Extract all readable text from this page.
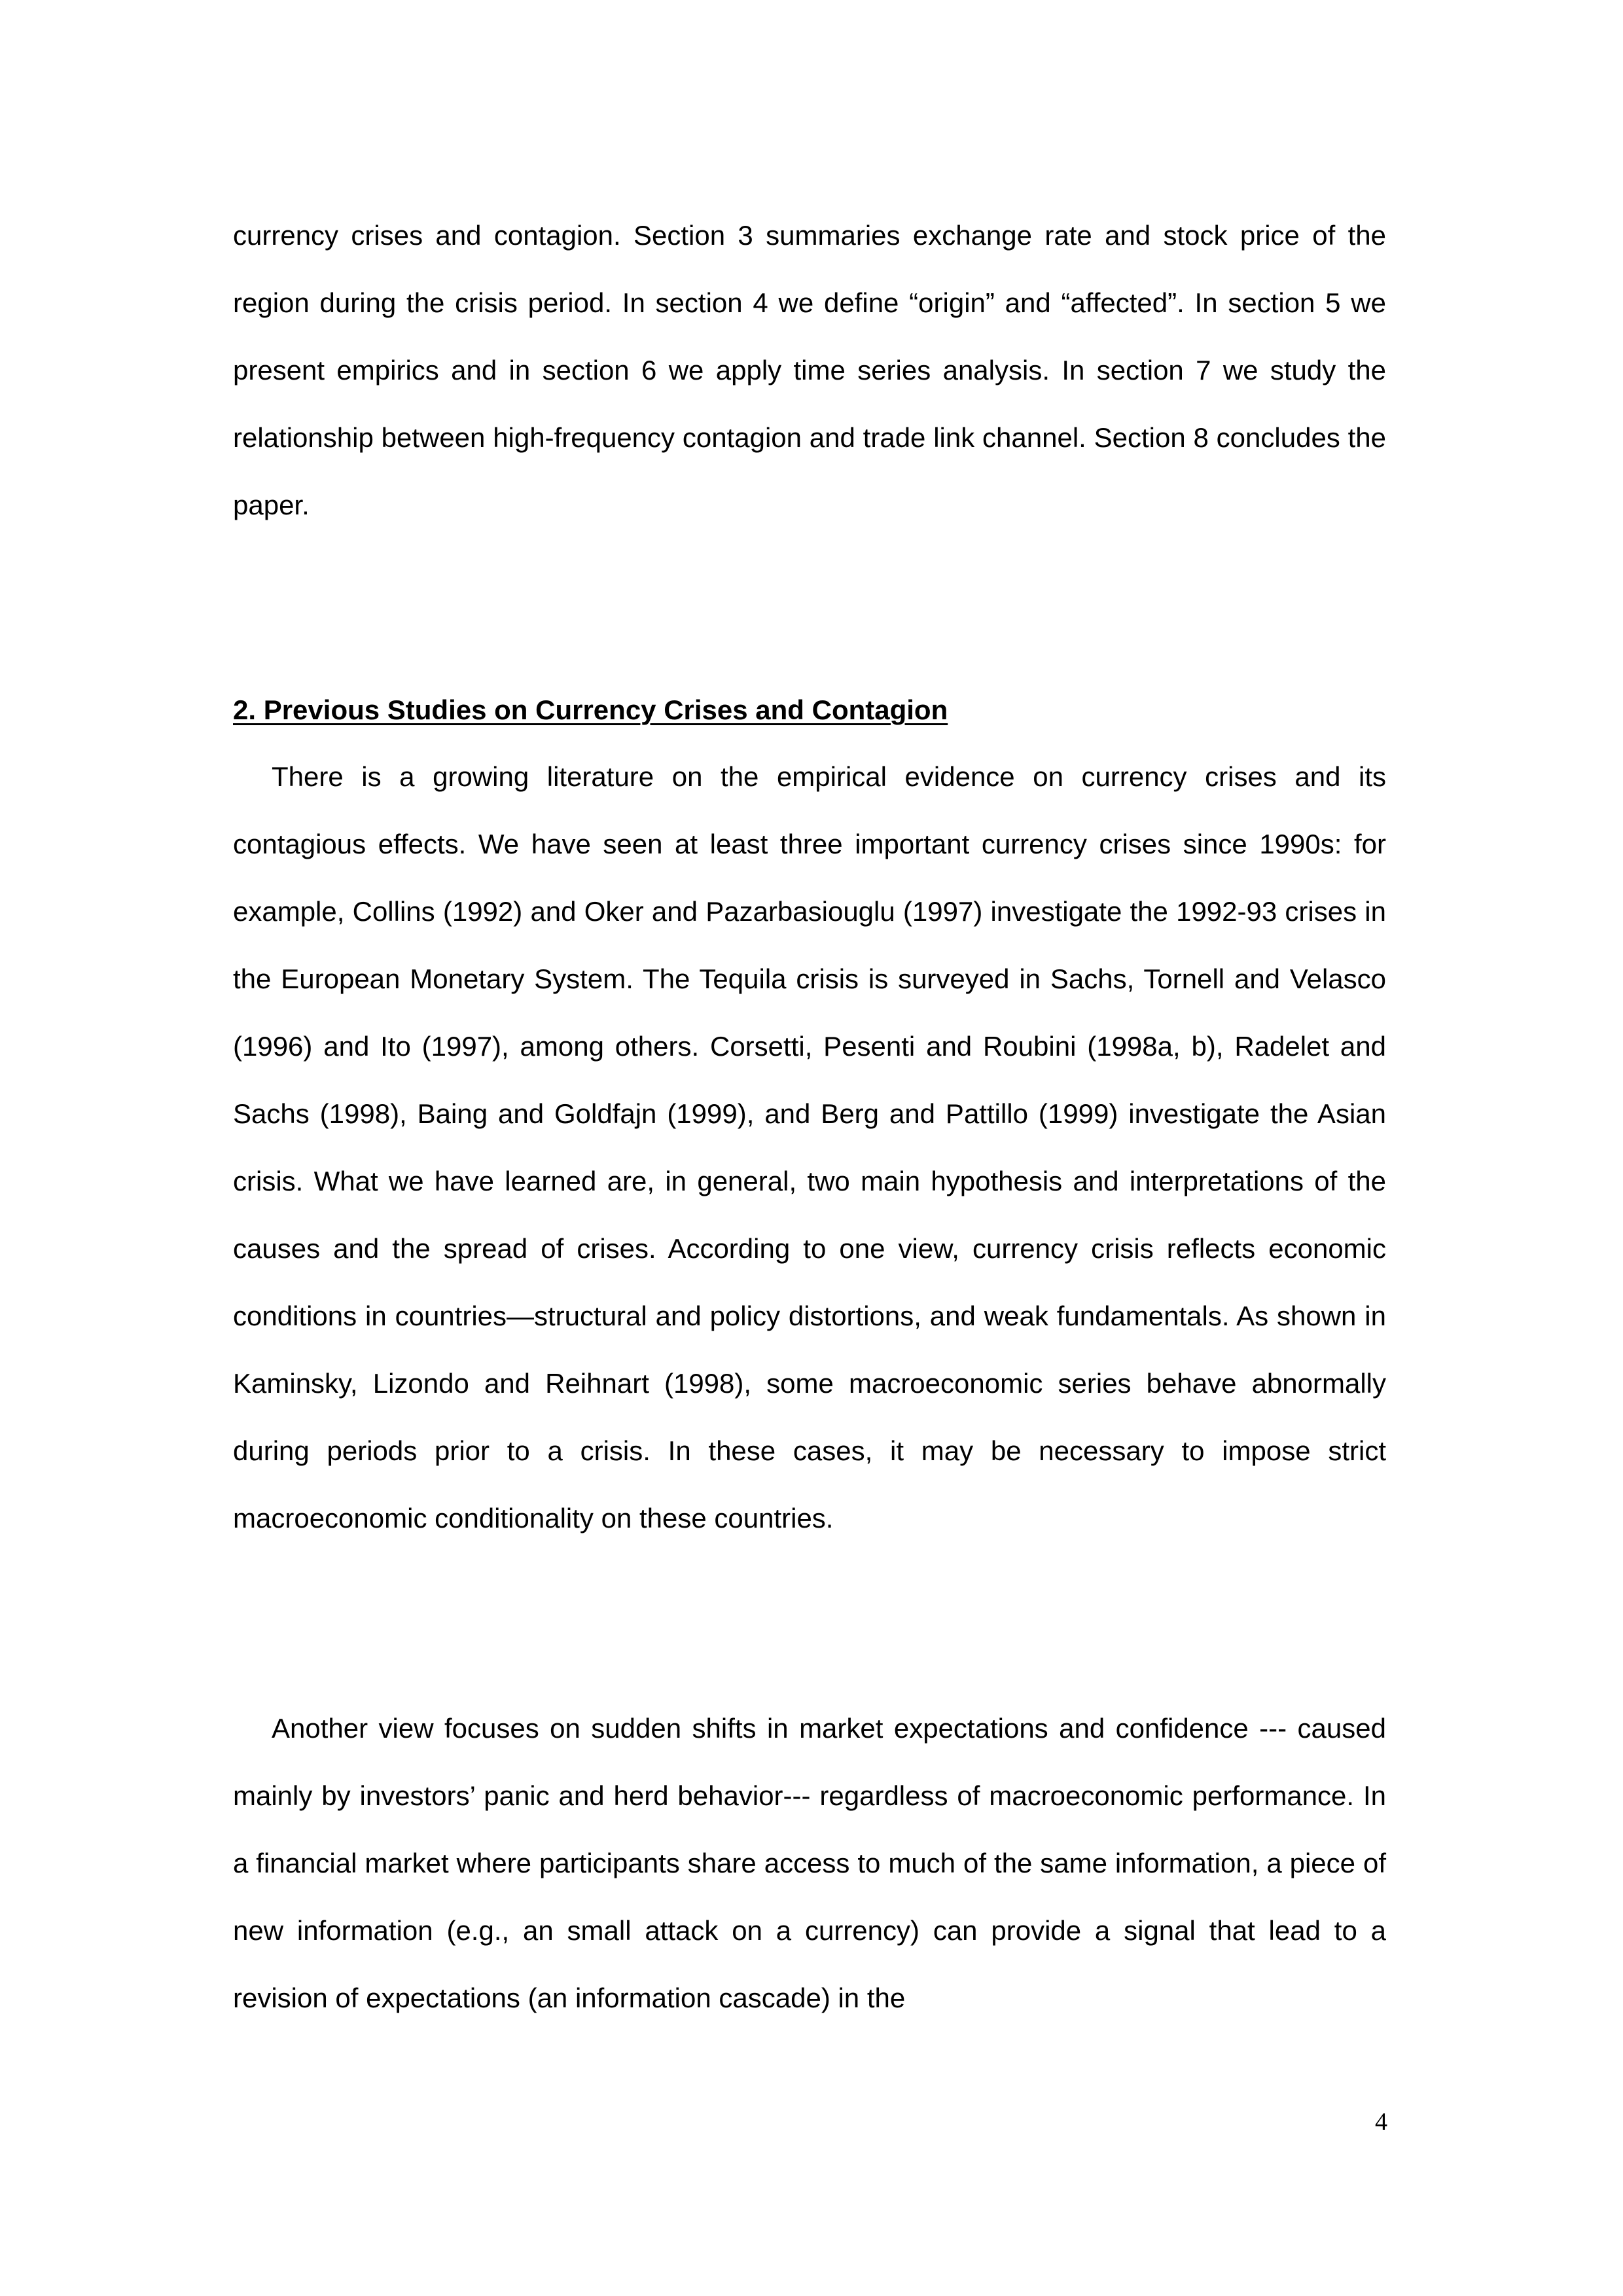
currency crises and contagion. Section 3 summaries exchange rate and stock price of the region during the crisis period. In section 4 we define “origin” and “affected”. In section 5 we present empirics and in section 6 we apply time series analysis. In section 7 we study the relationship between high-frequency contagion and trade link channel. Section 8 concludes the paper.

2. Previous Studies on Currency Crises and Contagion

There is a growing literature on the empirical evidence on currency crises and its contagious effects. We have seen at least three important currency crises since 1990s: for example, Collins (1992) and Oker and Pazarbasiouglu (1997) investigate the 1992-93 crises in the European Monetary System. The Tequila crisis is surveyed in Sachs, Tornell and Velasco (1996) and Ito (1997), among others. Corsetti, Pesenti and Roubini (1998a, b), Radelet and Sachs (1998), Baing and Goldfajn (1999), and Berg and Pattillo (1999) investigate the Asian crisis. What we have learned are, in general, two main hypothesis and interpretations of the causes and the spread of crises. According to one view, currency crisis reflects economic conditions in countries—structural and policy distortions, and weak fundamentals. As shown in Kaminsky, Lizondo and Reihnart (1998), some macroeconomic series behave abnormally during periods prior to a crisis. In these cases, it may be necessary to impose strict macroeconomic conditionality on these countries.

Another view focuses on sudden shifts in market expectations and confidence --- caused mainly by investors’ panic and herd behavior--- regardless of macroeconomic performance. In a financial market where participants share access to much of the same information, a piece of new information (e.g., an small attack on a currency) can provide a signal that lead to a revision of expectations (an information cascade) in the

4
